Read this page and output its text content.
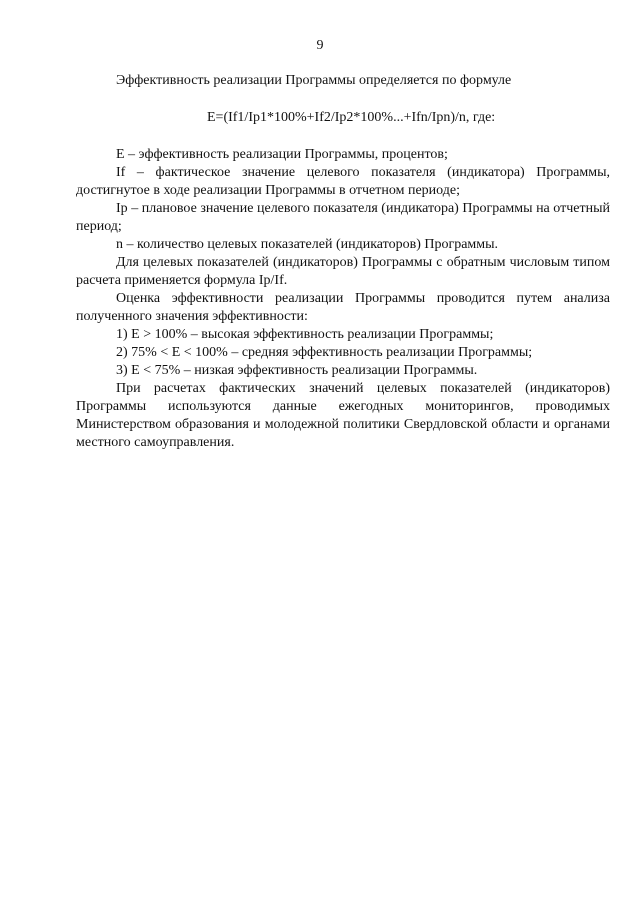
9

Эффективность реализации Программы определяется по формуле

E=(If1/Ip1*100%+If2/Ip2*100%...+Ifn/Ipn)/n, где:

E – эффективность реализации Программы, процентов;

If – фактическое значение целевого показателя (индикатора) Программы, достигнутое в ходе реализации Программы в отчетном периоде;

Ip – плановое значение целевого показателя (индикатора) Программы на отчетный период;

n – количество целевых показателей (индикаторов) Программы.

Для целевых показателей (индикаторов) Программы с обратным числовым типом расчета применяется формула Ip/If.

Оценка эффективности реализации Программы проводится путем анализа полученного значения эффективности:

1) E > 100% – высокая эффективность реализации Программы;

2) 75% < E < 100% – средняя эффективность реализации Программы;

3) E < 75% – низкая эффективность реализации Программы.

При расчетах фактических значений целевых показателей (индикаторов) Программы используются данные ежегодных мониторингов, проводимых Министерством образования и молодежной политики Свердловской области и органами местного самоуправления.
